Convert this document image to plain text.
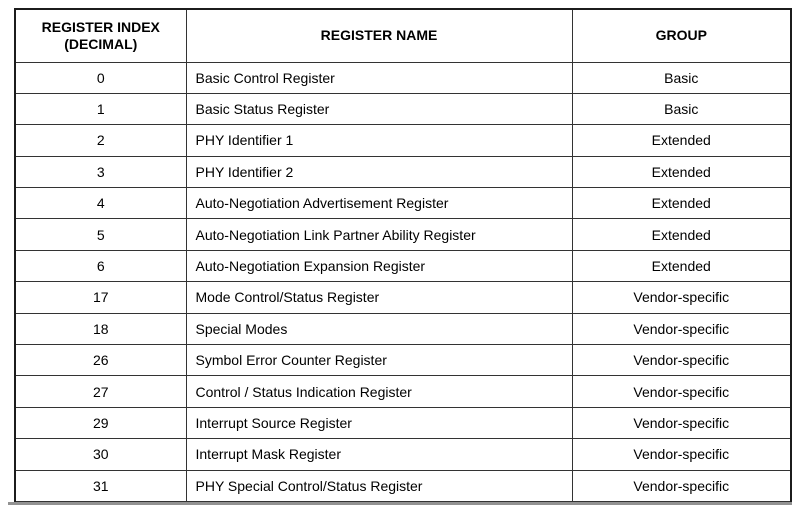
REGISTER INDEX (DECIMAL)	REGISTER NAME	GROUP
0	Basic Control Register	Basic
1	Basic Status Register	Basic
2	PHY Identifier 1	Extended
3	PHY Identifier 2	Extended
4	Auto-Negotiation Advertisement Register	Extended
5	Auto-Negotiation Link Partner Ability Register	Extended
6	Auto-Negotiation Expansion Register	Extended
17	Mode Control/Status Register	Vendor-specific
18	Special Modes	Vendor-specific
26	Symbol Error Counter Register	Vendor-specific
27	Control / Status Indication Register	Vendor-specific
29	Interrupt Source Register	Vendor-specific
30	Interrupt Mask Register	Vendor-specific
31	PHY Special Control/Status Register	Vendor-specific
